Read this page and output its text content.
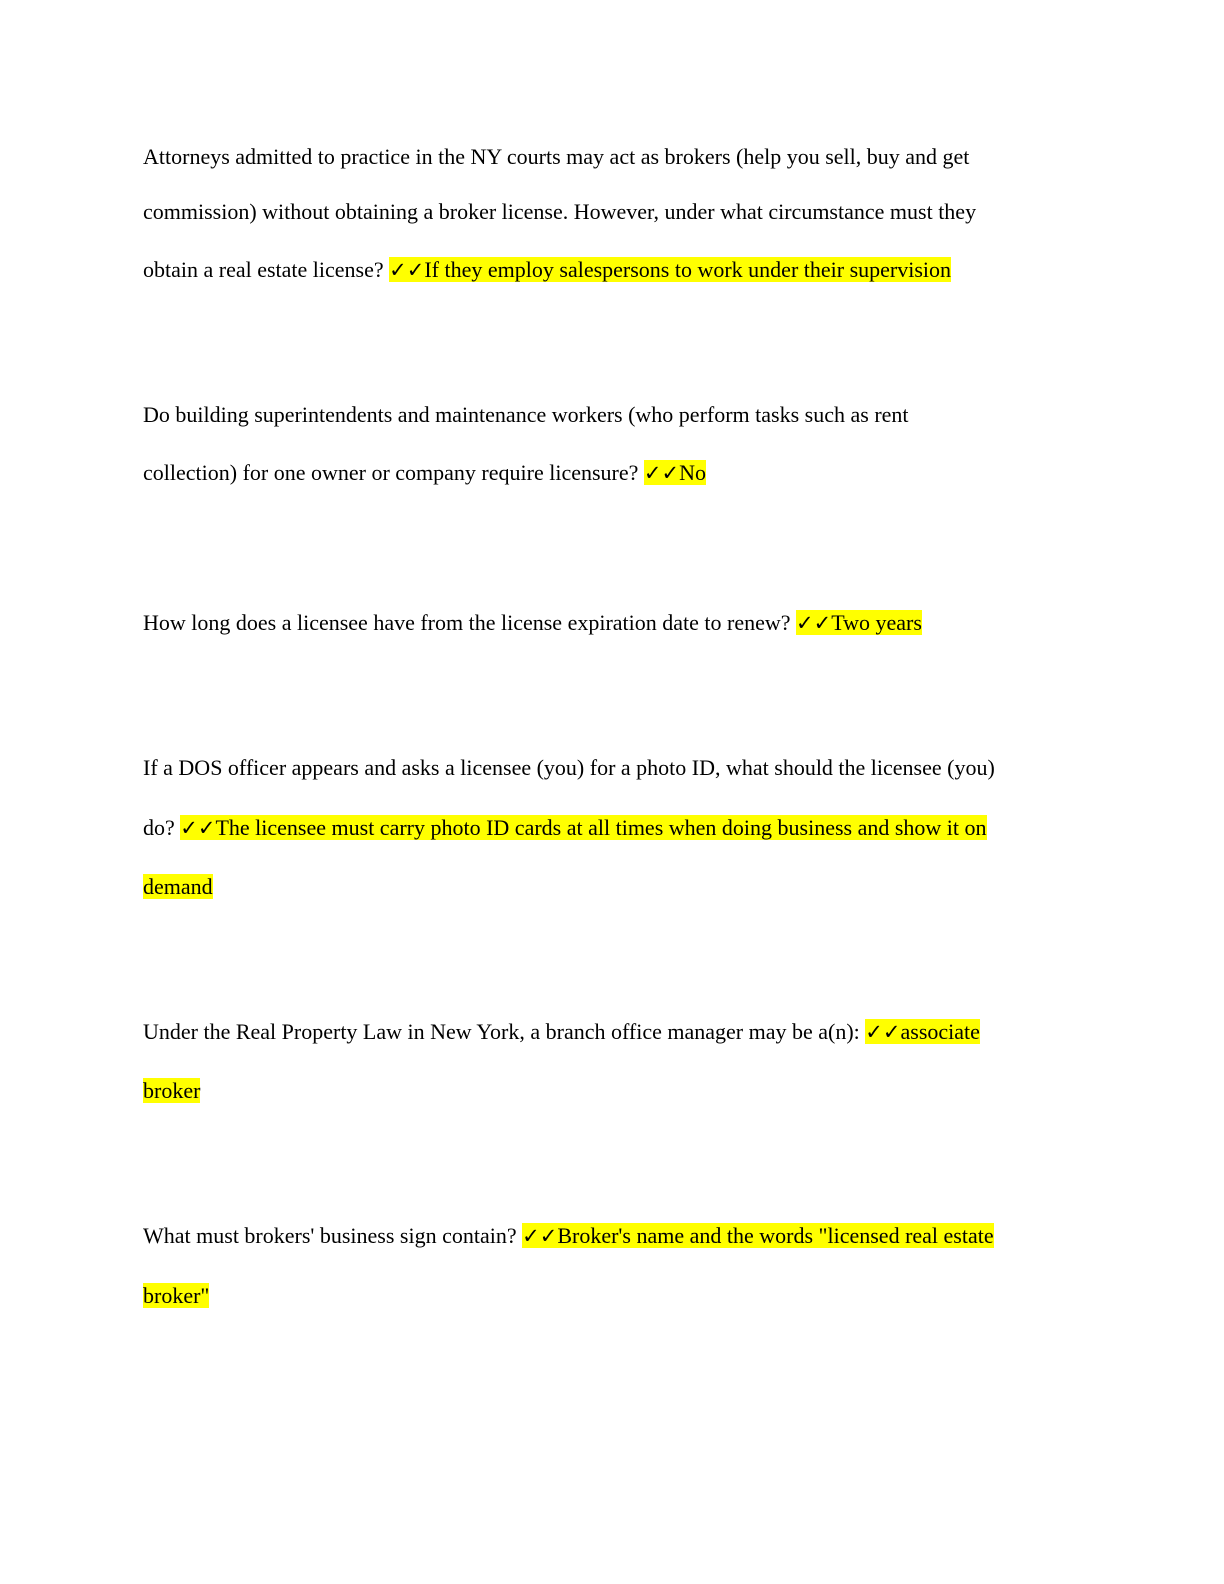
Attorneys admitted to practice in the NY courts may act as brokers (help you sell, buy and get
commission) without obtaining a broker license. However, under what circumstance must they
obtain a real estate license? ✓✓If they employ salespersons to work under their supervision
Do building superintendents and maintenance workers (who perform tasks such as rent
collection) for one owner or company require licensure? ✓✓No
How long does a licensee have from the license expiration date to renew? ✓✓Two years
If a DOS officer appears and asks a licensee (you) for a photo ID, what should the licensee (you)
do? ✓✓The licensee must carry photo ID cards at all times when doing business and show it on
demand
Under the Real Property Law in New York, a branch office manager may be a(n): ✓✓associate
broker
What must brokers' business sign contain? ✓✓Broker's name and the words "licensed real estate
broker"
